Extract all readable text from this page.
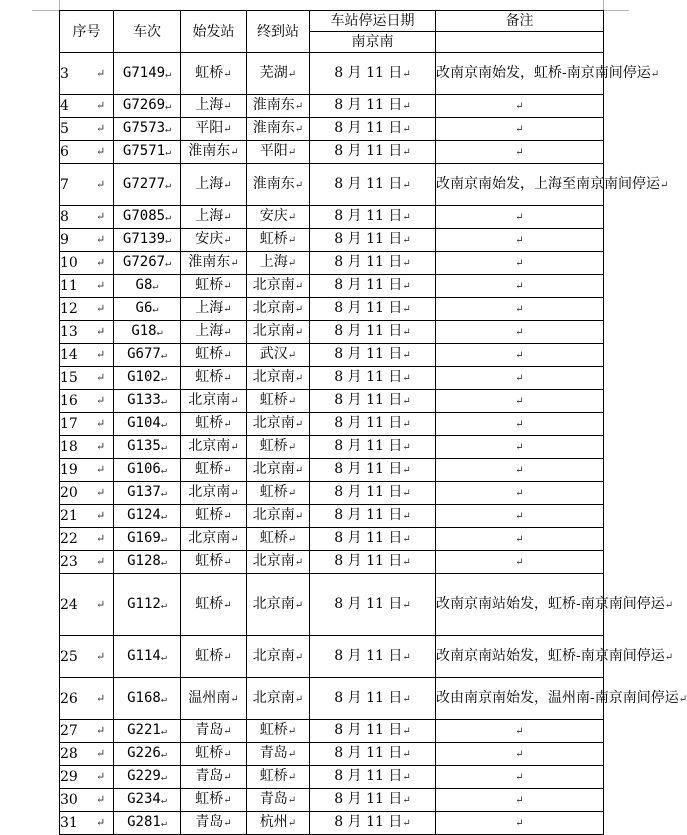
序号	车次	始发站	终到站	车站停运日期	备注
				南京南	
3 ↵	G7149↵	虹桥↵	芜湖↵	8 月 11 日↵	改南京南始发，虹桥-南京南间停运↵
4 ↵	G7269↵	上海↵	淮南东↵	8 月 11 日↵	↵
5 ↵	G7573↵	平阳↵	淮南东↵	8 月 11 日↵	↵
6 ↵	G7571↵	淮南东↵	平阳↵	8 月 11 日↵	↵
7 ↵	G7277↵	上海↵	淮南东↵	8 月 11 日↵	改南京南始发，上海至南京南间停运↵
8 ↵	G7085↵	上海↵	安庆↵	8 月 11 日↵	↵
9 ↵	G7139↵	安庆↵	虹桥↵	8 月 11 日↵	↵
10 ↵	G7267↵	淮南东↵	上海↵	8 月 11 日↵	↵
11 ↵	G8↵	虹桥↵	北京南↵	8 月 11 日↵	↵
12 ↵	G6↵	上海↵	北京南↵	8 月 11 日↵	↵
13 ↵	G18↵	上海↵	北京南↵	8 月 11 日↵	↵
14 ↵	G677↵	虹桥↵	武汉↵	8 月 11 日↵	↵
15 ↵	G102↵	虹桥↵	北京南↵	8 月 11 日↵	↵
16 ↵	G133↵	北京南↵	虹桥↵	8 月 11 日↵	↵
17 ↵	G104↵	虹桥↵	北京南↵	8 月 11 日↵	↵
18 ↵	G135↵	北京南↵	虹桥↵	8 月 11 日↵	↵
19 ↵	G106↵	虹桥↵	北京南↵	8 月 11 日↵	↵
20 ↵	G137↵	北京南↵	虹桥↵	8 月 11 日↵	↵
21 ↵	G124↵	虹桥↵	北京南↵	8 月 11 日↵	↵
22 ↵	G169↵	北京南↵	虹桥↵	8 月 11 日↵	↵
23 ↵	G128↵	虹桥↵	北京南↵	8 月 11 日↵	↵
24 ↵	G112↵	虹桥↵	北京南↵	8 月 11 日↵	改南京南站始发，虹桥-南京南间停运↵
25 ↵	G114↵	虹桥↵	北京南↵	8 月 11 日↵	改南京南站始发，虹桥-南京南间停运↵
26 ↵	G168↵	温州南↵	北京南↵	8 月 11 日↵	改由南京南始发，温州南-南京南间停运↵
27 ↵	G221↵	青岛↵	虹桥↵	8 月 11 日↵	↵
28 ↵	G226↵	虹桥↵	青岛↵	8 月 11 日↵	↵
29 ↵	G229↵	青岛↵	虹桥↵	8 月 11 日↵	↵
30 ↵	G234↵	虹桥↵	青岛↵	8 月 11 日↵	↵
31 ↵	G281↵	青岛↵	杭州↵	8 月 11 日↵	↵
